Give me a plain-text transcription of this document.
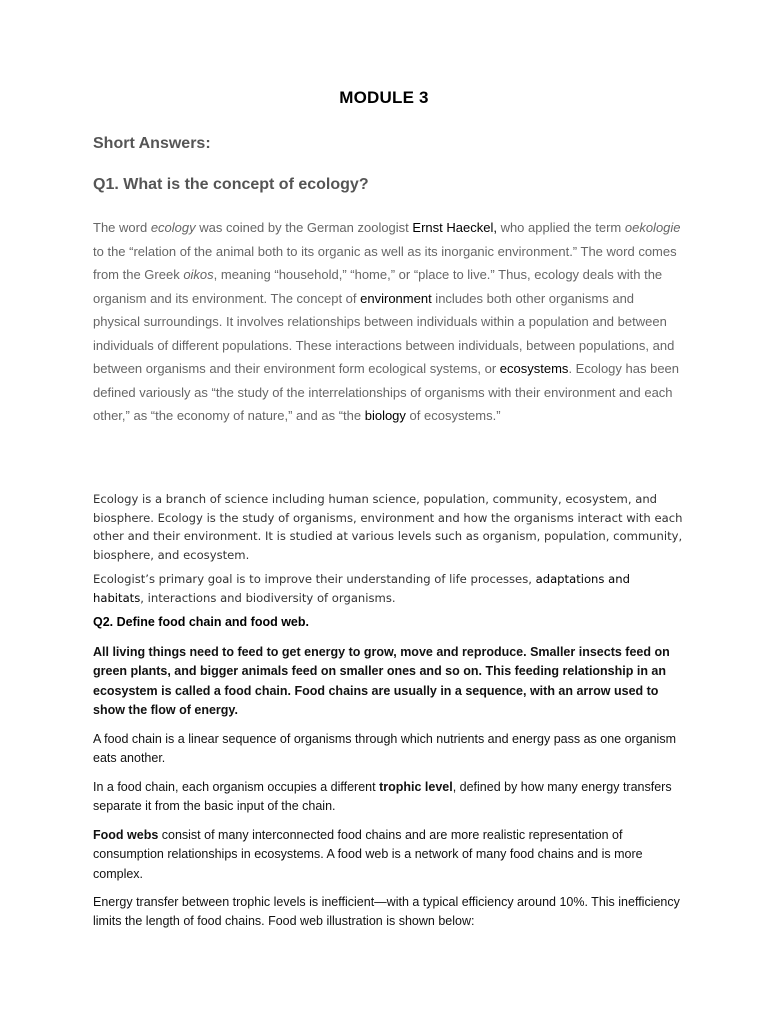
MODULE 3
Short Answers:
Q1. What is the concept of ecology?
The word ecology was coined by the German zoologist Ernst Haeckel, who applied the term oekologie to the “relation of the animal both to its organic as well as its inorganic environment.” The word comes from the Greek oikos, meaning “household,” “home,” or “place to live.” Thus, ecology deals with the organism and its environment. The concept of environment includes both other organisms and physical surroundings. It involves relationships between individuals within a population and between individuals of different populations. These interactions between individuals, between populations, and between organisms and their environment form ecological systems, or ecosystems. Ecology has been defined variously as “the study of the interrelationships of organisms with their environment and each other,” as “the economy of nature,” and as “the biology of ecosystems.”
Ecology is a branch of science including human science, population, community, ecosystem, and biosphere. Ecology is the study of organisms, environment and how the organisms interact with each other and their environment. It is studied at various levels such as organism, population, community, biosphere, and ecosystem.
Ecologist’s primary goal is to improve their understanding of life processes, adaptations and habitats, interactions and biodiversity of organisms.
Q2. Define food chain and food web.
All living things need to feed to get energy to grow, move and reproduce. Smaller insects feed on green plants, and bigger animals feed on smaller ones and so on. This feeding relationship in an ecosystem is called a food chain. Food chains are usually in a sequence, with an arrow used to show the flow of energy.
A food chain is a linear sequence of organisms through which nutrients and energy pass as one organism eats another.
In a food chain, each organism occupies a different trophic level, defined by how many energy transfers separate it from the basic input of the chain.
Food webs consist of many interconnected food chains and are more realistic representation of consumption relationships in ecosystems. A food web is a network of many food chains and is more complex.
Energy transfer between trophic levels is inefficient—with a typical efficiency around 10%. This inefficiency limits the length of food chains. Food web illustration is shown below:
